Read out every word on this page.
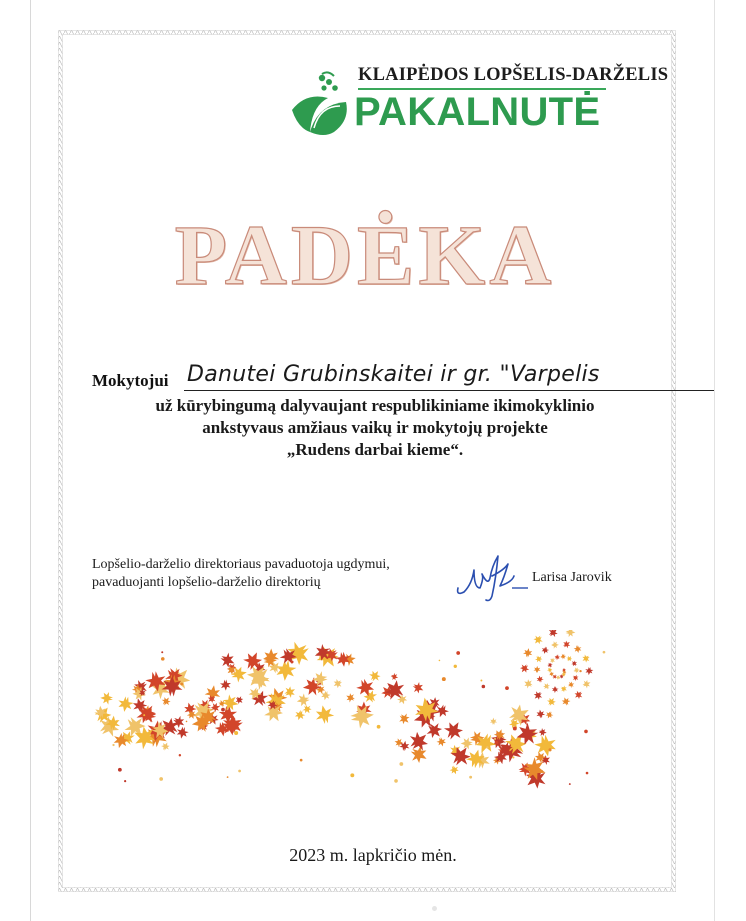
KLAIPĖDOS LOPŠELIS-DARŽELIS
PAKALNUTĖ
PADĖKA
Mokytojui Danutei Grubinskaitei ir gr. "Varpelis
už kūrybingumą dalyvaujant respublikiniame ikimokyklinio
ankstyvaus amžiaus vaikų ir mokytojų projekte
„Rudens darbai kieme“.
Lopšelio-darželio direktoriaus pavaduotoja ugdymui,
pavaduojanti lopšelio-darželio direktorių	Larisa Jarovik
2023 m. lapkričio mėn.
